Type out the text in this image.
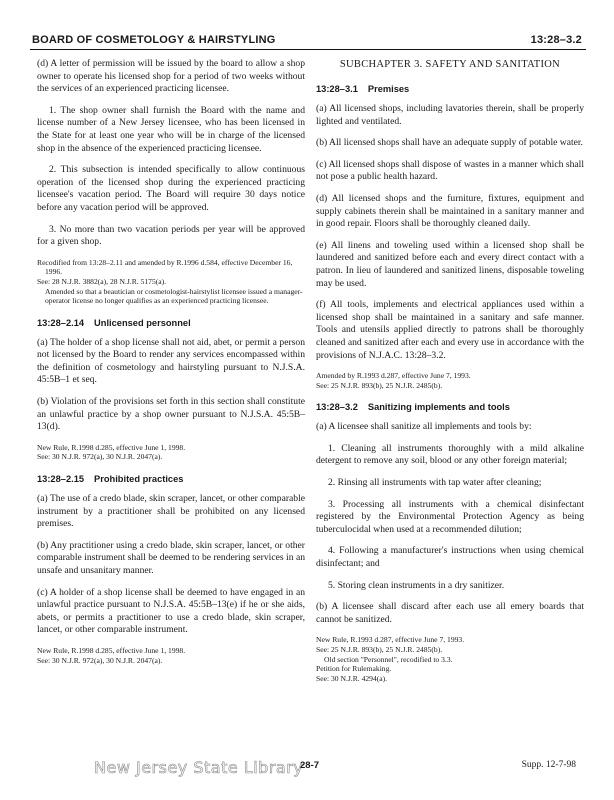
BOARD OF COSMETOLOGY & HAIRSTYLING	13:28–3.2

(d) A letter of permission will be issued by the board to allow a shop owner to operate his licensed shop for a period of two weeks without the services of an experienced practicing licensee.

1. The shop owner shall furnish the Board with the name and license number of a New Jersey licensee, who has been licensed in the State for at least one year who will be in charge of the licensed shop in the absence of the experienced practicing licensee.

2. This subsection is intended specifically to allow continuous operation of the licensed shop during the experienced practicing licensee's vacation period. The Board will require 30 days notice before any vacation period will be approved.

3. No more than two vacation periods per year will be approved for a given shop.

Recodified from 13:28–2.11 and amended by R.1996 d.584, effective December 16, 1996.
See: 28 N.J.R. 3882(a), 28 N.J.R. 5175(a).
Amended so that a beautician or cosmetologist-hairstylist licensee issued a manager-operator license no longer qualifies as an experienced practicing licensee.
13:28–2.14 Unlicensed personnel

(a) The holder of a shop license shall not aid, abet, or permit a person not licensed by the Board to render any services encompassed within the definition of cosmetology and hairstyling pursuant to N.J.S.A. 45:5B–1 et seq.

(b) Violation of the provisions set forth in this section shall constitute an unlawful practice by a shop owner pursuant to N.J.S.A. 45:5B–13(d).

New Rule, R.1998 d.285, effective June 1, 1998.
See: 30 N.J.R. 972(a), 30 N.J.R. 2047(a).
13:28–2.15 Prohibited practices

(a) The use of a credo blade, skin scraper, lancet, or other comparable instrument by a practitioner shall be prohibited on any licensed premises.

(b) Any practitioner using a credo blade, skin scraper, lancet, or other comparable instrument shall be deemed to be rendering services in an unsafe and unsanitary manner.

(c) A holder of a shop license shall be deemed to have engaged in an unlawful practice pursuant to N.J.S.A. 45:5B–13(e) if he or she aids, abets, or permits a practitioner to use a credo blade, skin scraper, lancet, or other comparable instrument.

New Rule, R.1998 d.285, effective June 1, 1998.
See: 30 N.J.R. 972(a), 30 N.J.R. 2047(a).
SUBCHAPTER 3. SAFETY AND SANITATION
13:28–3.1 Premises

(a) All licensed shops, including lavatories therein, shall be properly lighted and ventilated.

(b) All licensed shops shall have an adequate supply of potable water.

(c) All licensed shops shall dispose of wastes in a manner which shall not pose a public health hazard.

(d) All licensed shops and the furniture, fixtures, equipment and supply cabinets therein shall be maintained in a sanitary manner and in good repair. Floors shall be thoroughly cleaned daily.

(e) All linens and toweling used within a licensed shop shall be laundered and sanitized before each and every direct contact with a patron. In lieu of laundered and sanitized linens, disposable toweling may be used.

(f) All tools, implements and electrical appliances used within a licensed shop shall be maintained in a sanitary and safe manner. Tools and utensils applied directly to patrons shall be thoroughly cleaned and sanitized after each and every use in accordance with the provisions of N.J.A.C. 13:28–3.2.

Amended by R.1993 d.287, effective June 7, 1993.
See: 25 N.J.R. 893(b), 25 N.J.R. 2485(b).
13:28–3.2 Sanitizing implements and tools

(a) A licensee shall sanitize all implements and tools by:

1. Cleaning all instruments thoroughly with a mild alkaline detergent to remove any soil, blood or any other foreign material;

2. Rinsing all instruments with tap water after cleaning;

3. Processing all instruments with a chemical disinfectant registered by the Environmental Protection Agency as being tuberculocidal when used at a recommended dilution;

4. Following a manufacturer's instructions when using chemical disinfectant; and

5. Storing clean instruments in a dry sanitizer.

(b) A licensee shall discard after each use all emery boards that cannot be sanitized.

New Rule, R.1993 d.287, effective June 7, 1993.
See: 25 N.J.R. 893(b), 25 N.J.R. 2485(b).
Old section "Personnel", recodified to 3.3.
Petition for Rulemaking.
See: 30 N.J.R. 4294(a).
New Jersey State Library
28-7	Supp. 12-7-98
